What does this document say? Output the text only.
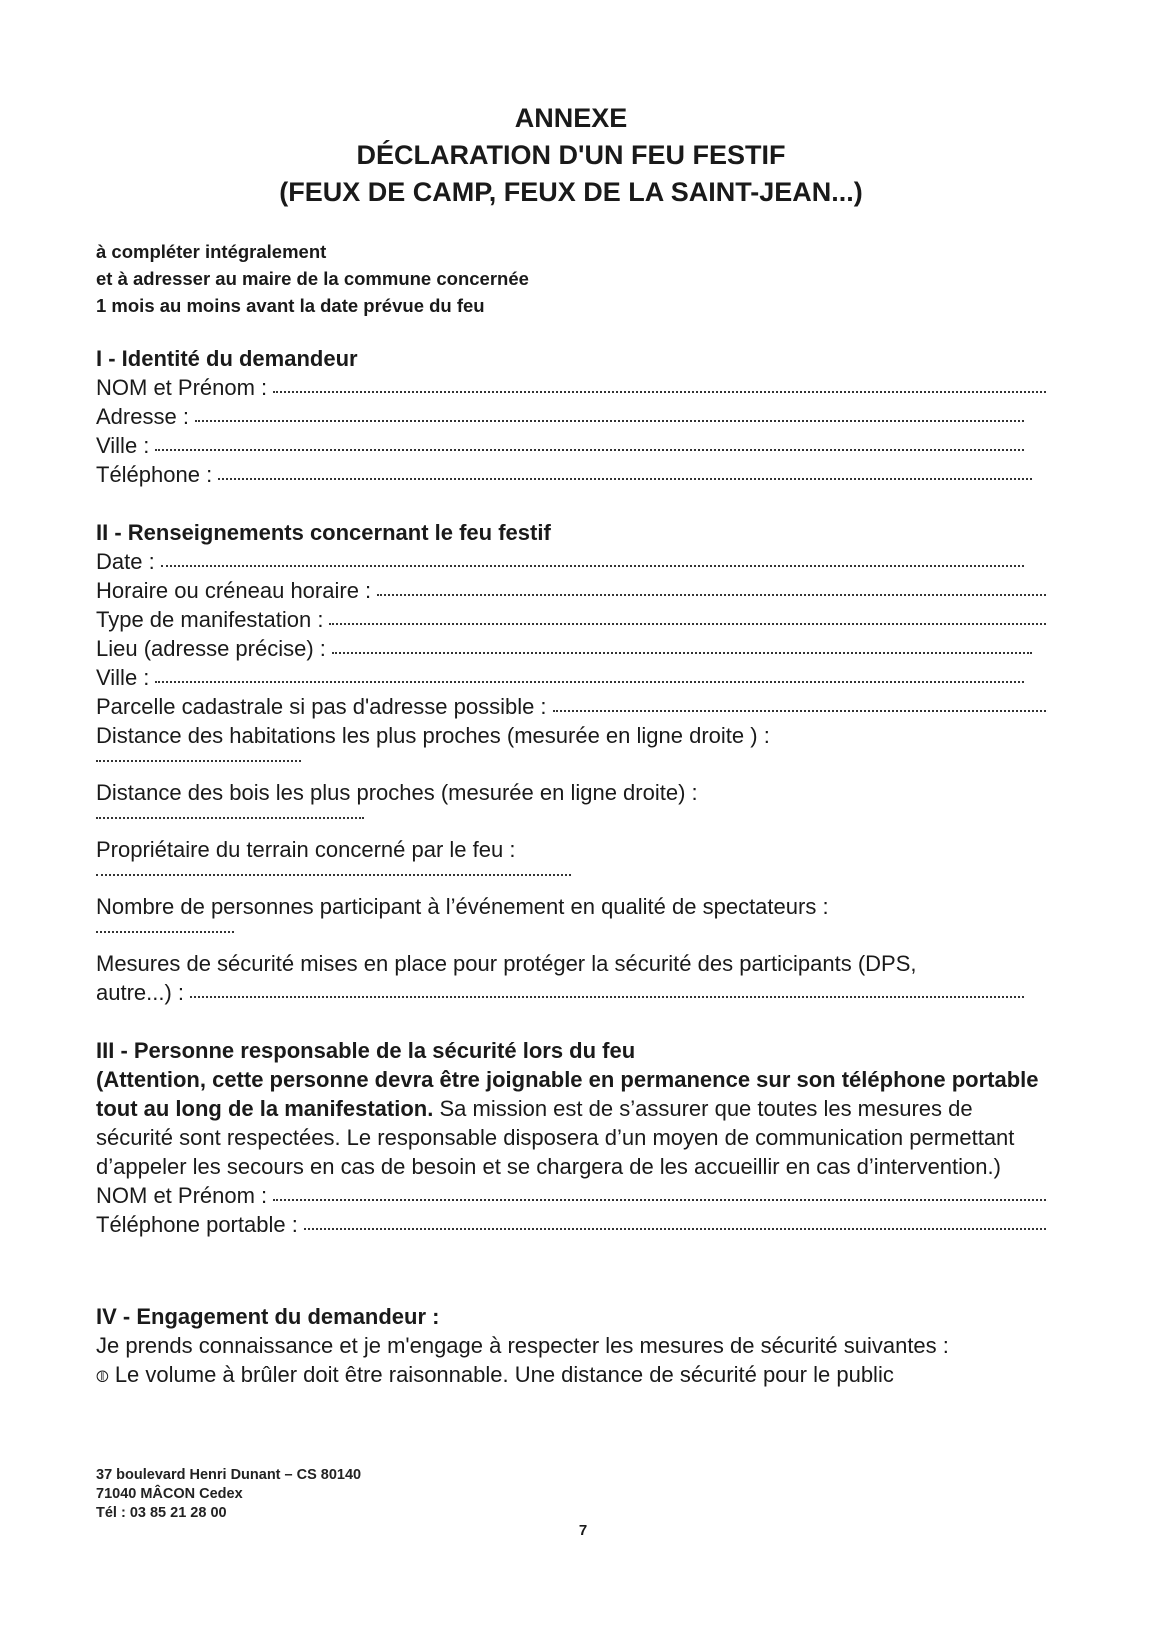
ANNEXE
DÉCLARATION D'UN FEU FESTIF
(FEUX DE CAMP, FEUX DE LA SAINT-JEAN...)
à compléter intégralement
et à adresser au maire de la commune concernée
1 mois au moins avant la date prévue du feu
I - Identité du demandeur
NOM et Prénom :
Adresse :
Ville :
Téléphone :
II - Renseignements concernant le feu festif
Date :
Horaire ou créneau horaire :
Type de manifestation :
Lieu (adresse précise) :
Ville :
Parcelle cadastrale si pas d'adresse possible :
Distance des habitations les plus proches (mesurée en ligne droite ) :
Distance des bois les plus proches (mesurée en ligne droite) :
Propriétaire du terrain concerné par le feu :
Nombre de personnes participant à l’événement en qualité de spectateurs :
Mesures de sécurité mises en place pour protéger la sécurité des participants (DPS,
autre...) :
III - Personne responsable de la sécurité lors du feu
(Attention, cette personne devra être joignable en permanence sur son téléphone portable tout au long de la manifestation. Sa mission est de s’assurer que toutes les mesures de sécurité sont respectées. Le responsable disposera d’un moyen de communication permettant d’appeler les secours en cas de besoin et se chargera de les accueillir en cas d’intervention.)
NOM et Prénom :
Téléphone portable :
IV - Engagement du demandeur :
Je prends connaissance et je m'engage à respecter les mesures de sécurité suivantes :
⦷ Le volume à brûler doit être raisonnable. Une distance de sécurité pour le public
37 boulevard Henri Dunant – CS 80140
71040 MÂCON Cedex
Tél : 03 85 21 28 00
7
